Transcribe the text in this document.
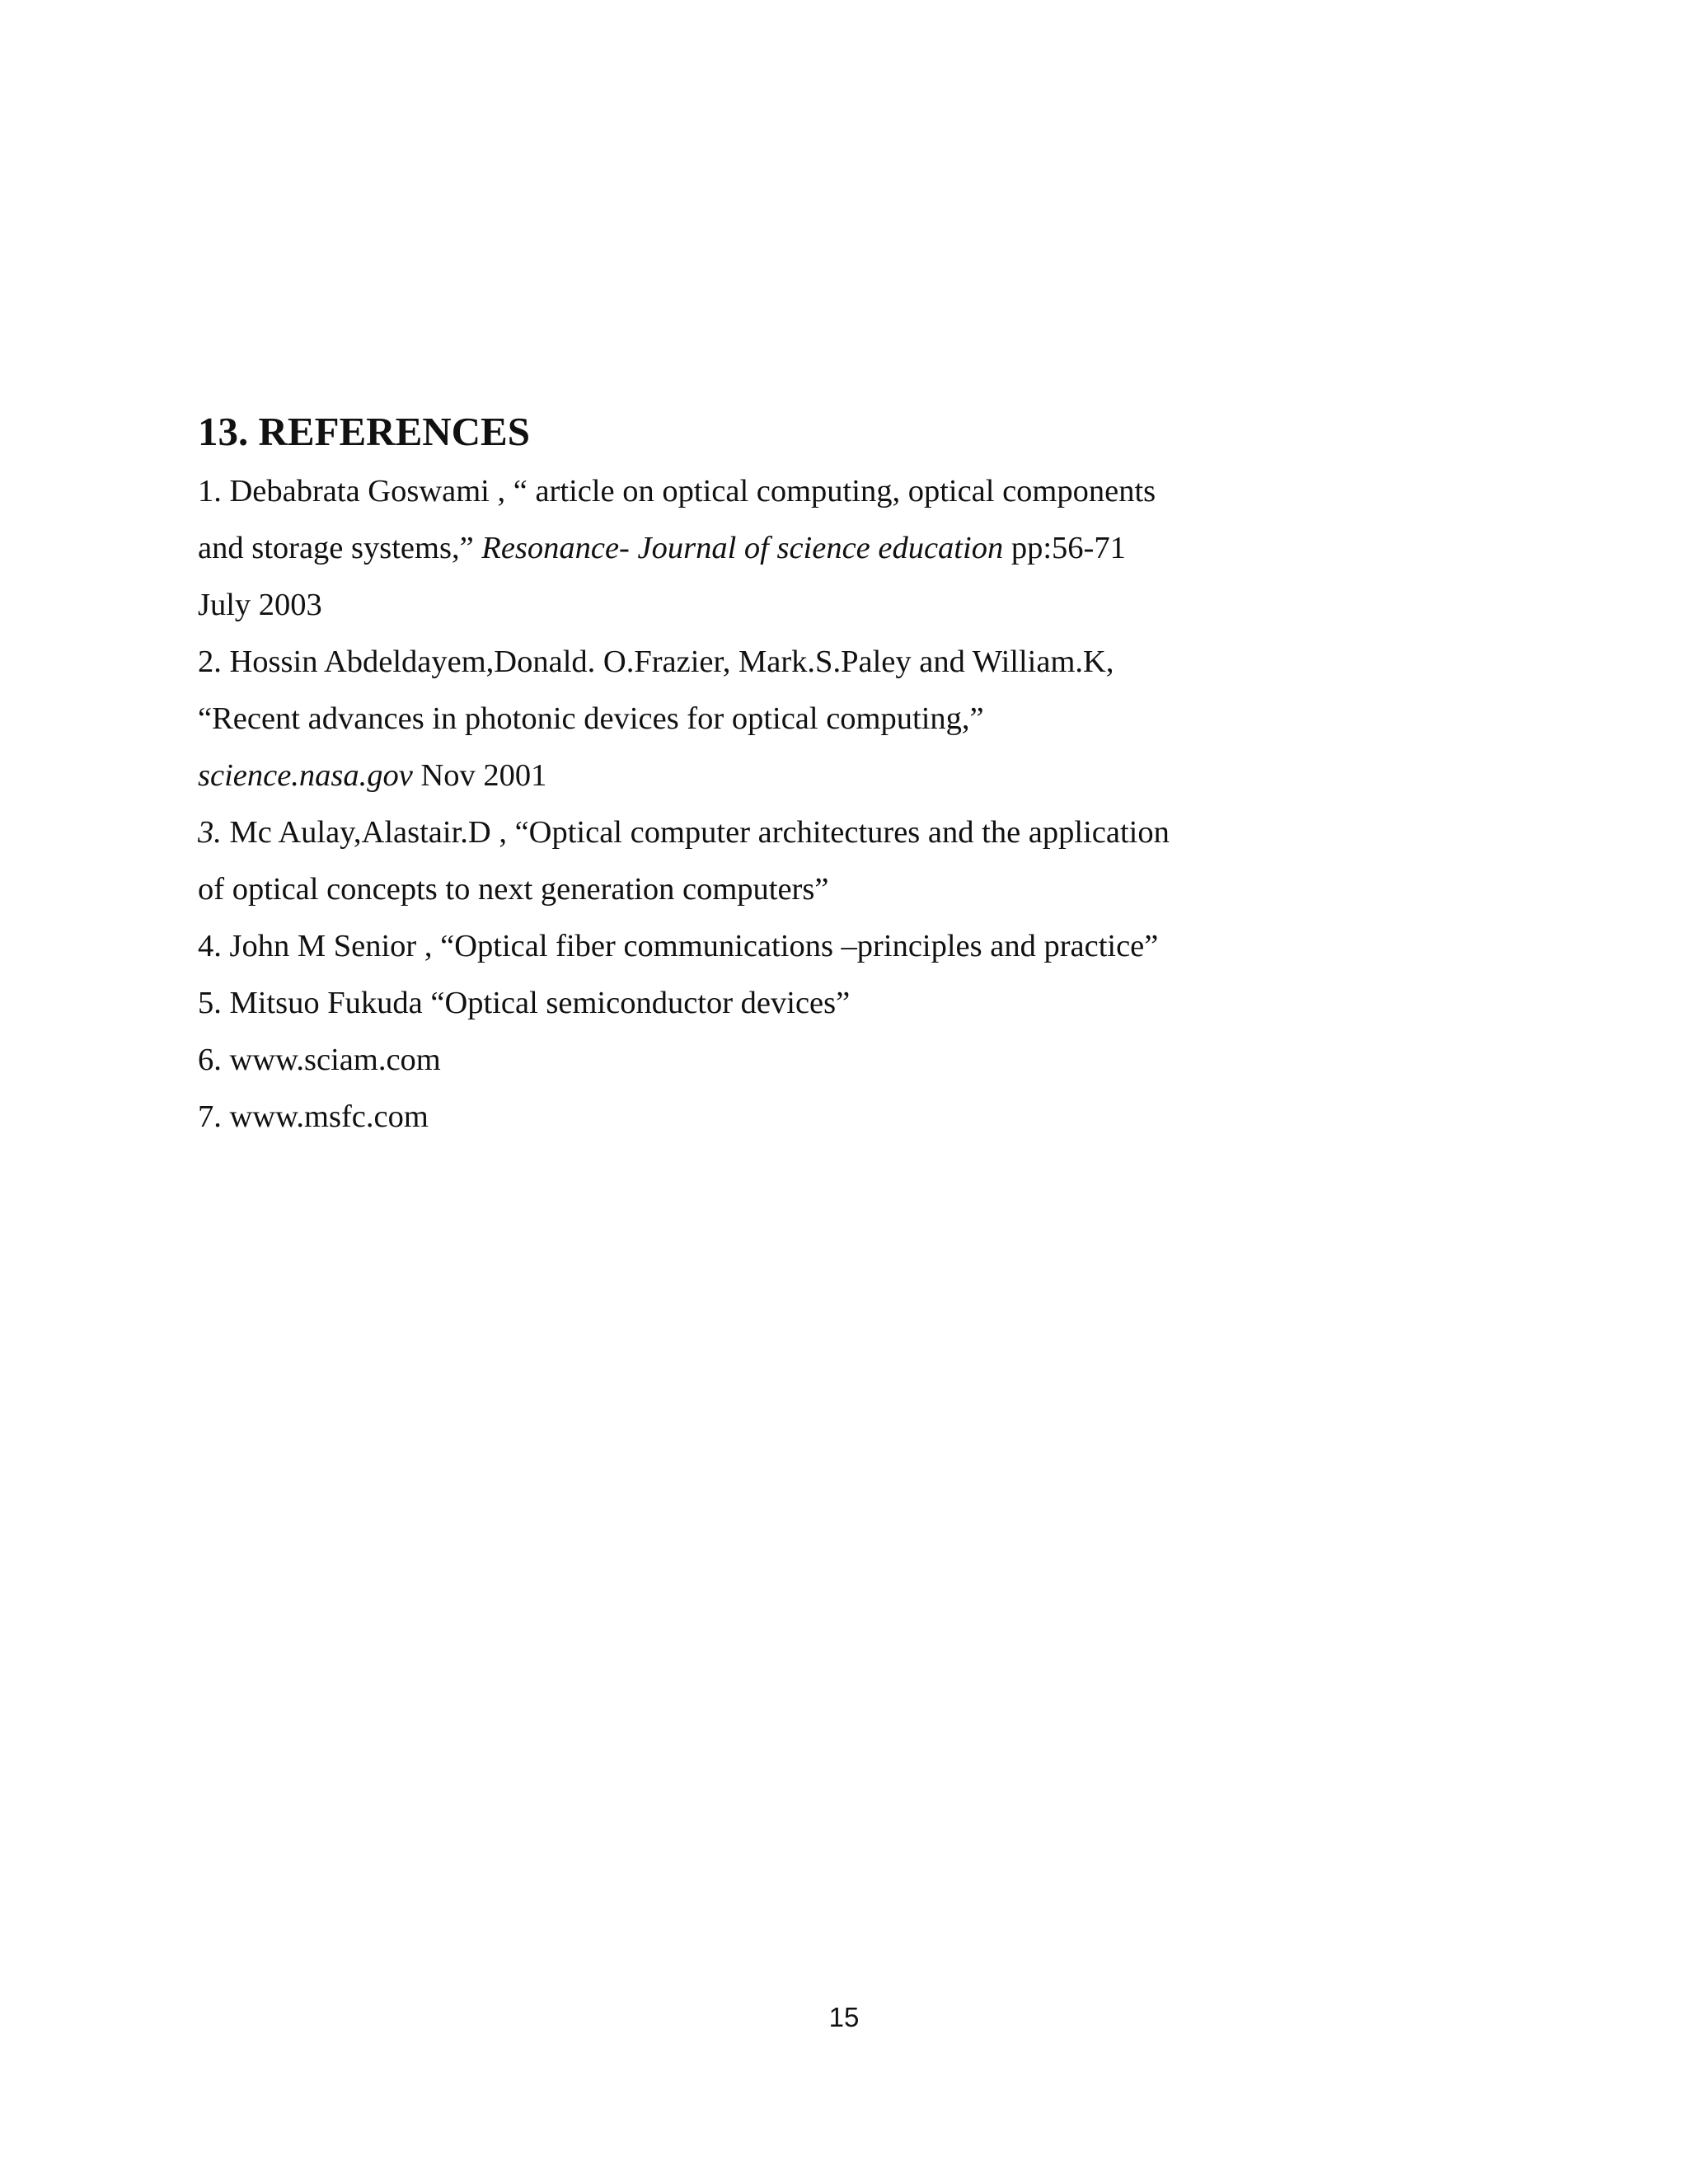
13. REFERENCES
1. Debabrata Goswami , “ article on optical computing, optical components
and storage systems,” Resonance- Journal of science education pp:56-71
July 2003
2. Hossin Abdeldayem,Donald. O.Frazier, Mark.S.Paley and William.K,
“Recent advances in photonic devices for optical computing,”
science.nasa.gov Nov 2001
3. Mc Aulay,Alastair.D , “Optical computer architectures and the application
of optical concepts to next generation computers”
4. John M Senior , “Optical fiber communications –principles and practice”
5. Mitsuo Fukuda “Optical semiconductor devices”
6. www.sciam.com
7. www.msfc.com
15
